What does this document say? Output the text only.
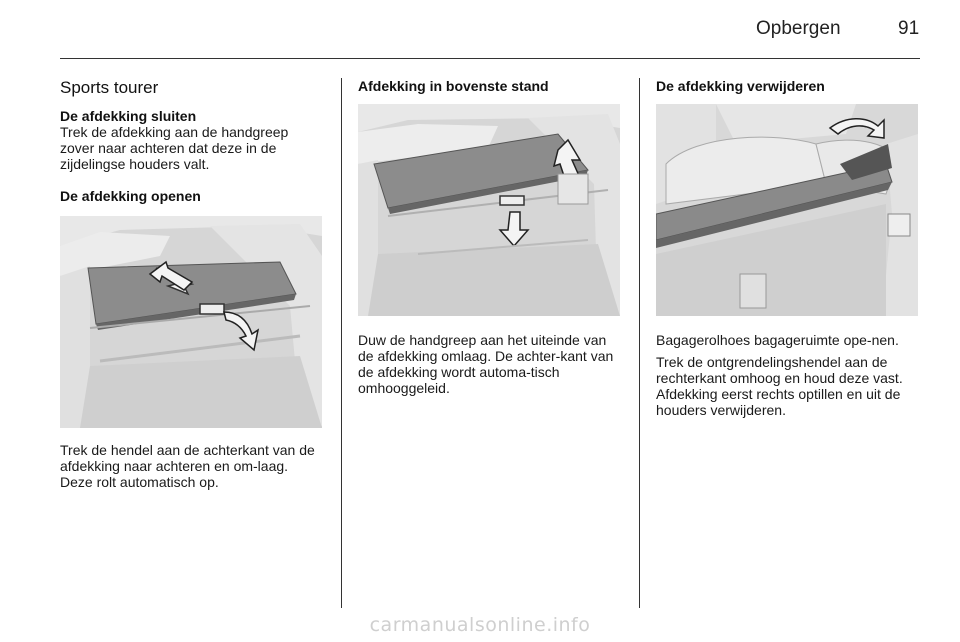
Opbergen	91
Sports tourer

De afdekking sluiten

Trek de afdekking aan de handgreep zover naar achteren dat deze in de zijdelingse houders valt.

De afdekking openen

Trek de hendel aan de achterkant van de afdekking naar achteren en om-laag. Deze rolt automatisch op.

Afdekking in bovenste stand

Duw de handgreep aan het uiteinde van de afdekking omlaag. De achter-kant van de afdekking wordt automa-tisch omhooggeleid.

De afdekking verwijderen

Bagagerolhoes bagageruimte ope-nen.

Trek de ontgrendelingshendel aan de rechterkant omhoog en houd deze vast. Afdekking eerst rechts optillen en uit de houders verwijderen.

carmanualsonline.info
